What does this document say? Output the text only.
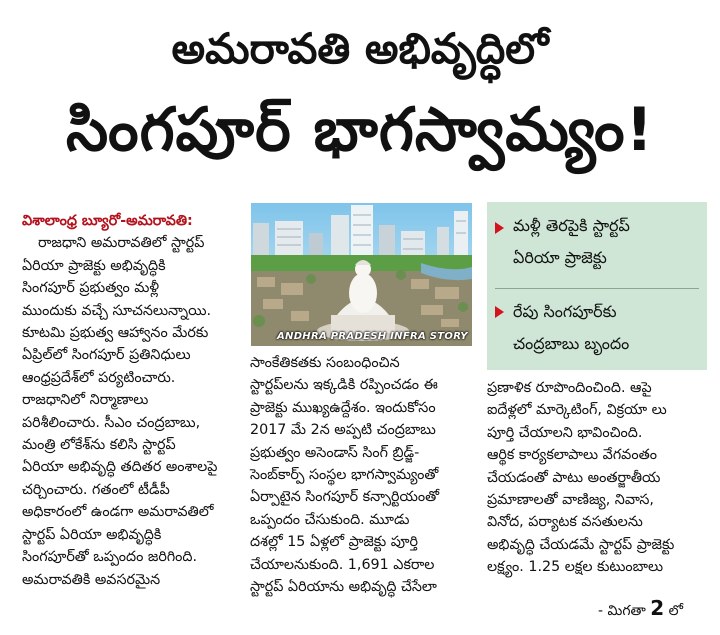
అమరావతి అభివృద్ధిలో
సింగపూర్ భాగస్వామ్యం!

విశాలాంధ్ర బ్యూరో-అమరావతి:

రాజధాని అమరావతిలో స్టార్టప్

ఏరియా ప్రాజెక్టు అభివృద్ధికి

సింగపూర్ ప్రభుత్వం మళ్లీ

ముందుకు వచ్చే సూచనలున్నాయి.

కూటమి ప్రభుత్వ ఆహ్వానం మేరకు

ఏప్రిల్‌లో సింగపూర్ ప్రతినిధులు

ఆంధ్రప్రదేశ్‌లో పర్యటించారు.

రాజధానిలో నిర్మాణాలు

పరిశీలించారు. సీఎం చంద్రబాబు,

మంత్రి లోకేశ్‌ను కలిసి స్టార్టప్

ఏరియా అభివృద్ధి తదితర అంశాలపై

చర్చించారు. గతంలో టీడీపీ

అధికారంలో ఉండగా అమరావతిలో

స్టార్టప్ ఏరియా అభివృద్ధికి

సింగపూర్‌తో ఒప్పందం జరిగింది.

అమరావతికి అవసరమైన

ANDHRA PRADESH INFRA STORY

సాంకేతికతకు సంబంధించిన

స్టార్టప్‌లను ఇక్కడికి రప్పించడం ఈ

ప్రాజెక్టు ముఖ్యఉద్దేశం. ఇందుకోసం

2017 మే 2న అప్పటి చంద్రబాబు

ప్రభుత్వం అసెండాస్ సింగ్ బ్రిడ్జ్-

సెంబ్‌కార్ప్ సంస్థల భాగస్వామ్యంతో

ఏర్పాటైన సింగపూర్ కన్సార్టియంతో

ఒప్పందం చేసుకుంది. మూడు

దశల్లో 15 ఏళ్లలో ప్రాజెక్టు పూర్తి

చేయాలనుకుంది. 1,691 ఎకరాల

స్టార్టప్ ఏరియాను అభివృద్ధి చేసేలా

మళ్లీ తెరపైకి స్టార్టప్
ఏరియా ప్రాజెక్టు
రేపు సింగపూర్‌కు
చంద్రబాబు బృందం

ప్రణాళిక రూపొందించింది. ఆపై

ఐదేళ్లలో మార్కెటింగ్, విక్రయా లు

పూర్తి చేయాలని భావించింది.

ఆర్థిక కార్యకలాపాలు వేగవంతం

చేయడంతో పాటు అంతర్జాతీయ

ప్రమాణాలతో వాణిజ్య, నివాస,

వినోద, పర్యాటక వసతులను

అభివృద్ధి చేయడమే స్టార్టప్ ప్రాజెక్టు

లక్ష్యం. 1.25 లక్షల కుటుంబాలు

- మిగతా 2 లో
